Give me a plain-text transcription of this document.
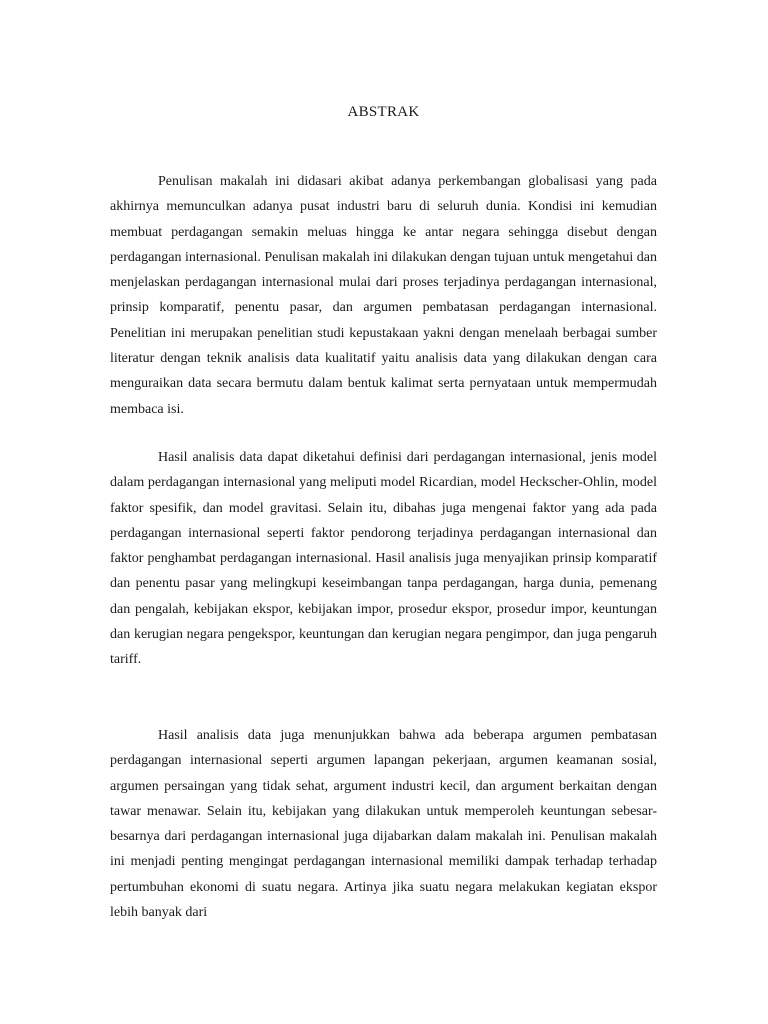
ABSTRAK

Penulisan makalah ini didasari akibat adanya perkembangan globalisasi yang pada akhirnya memunculkan adanya pusat industri baru di seluruh dunia. Kondisi ini kemudian membuat perdagangan semakin meluas hingga ke antar negara sehingga disebut dengan perdagangan internasional. Penulisan makalah ini dilakukan dengan tujuan untuk mengetahui dan menjelaskan perdagangan internasional mulai dari proses terjadinya perdagangan internasional, prinsip komparatif, penentu pasar, dan argumen pembatasan perdagangan internasional. Penelitian ini merupakan penelitian studi kepustakaan yakni dengan menelaah berbagai sumber literatur dengan teknik analisis data kualitatif yaitu analisis data yang dilakukan dengan cara menguraikan data secara bermutu dalam bentuk kalimat serta pernyataan untuk mempermudah membaca isi.

Hasil analisis data dapat diketahui definisi dari perdagangan internasional, jenis model dalam perdagangan internasional yang meliputi model Ricardian, model Heckscher-Ohlin, model faktor spesifik, dan model gravitasi. Selain itu, dibahas juga mengenai faktor yang ada pada perdagangan internasional seperti faktor pendorong terjadinya perdagangan internasional dan faktor penghambat perdagangan internasional. Hasil analisis juga menyajikan prinsip komparatif dan penentu pasar yang melingkupi keseimbangan tanpa perdagangan, harga dunia, pemenang dan pengalah, kebijakan ekspor, kebijakan impor, prosedur ekspor, prosedur impor, keuntungan dan kerugian negara pengekspor, keuntungan dan kerugian negara pengimpor, dan juga pengaruh tariff.

Hasil analisis data juga menunjukkan bahwa ada beberapa argumen pembatasan perdagangan internasional seperti argumen lapangan pekerjaan, argumen keamanan sosial, argumen persaingan yang tidak sehat, argument industri kecil, dan argument berkaitan dengan tawar menawar. Selain itu, kebijakan yang dilakukan untuk memperoleh keuntungan sebesar-besarnya dari perdagangan internasional juga dijabarkan dalam makalah ini. Penulisan makalah ini menjadi penting mengingat perdagangan internasional memiliki dampak terhadap terhadap pertumbuhan ekonomi di suatu negara. Artinya jika suatu negara melakukan kegiatan ekspor lebih banyak dari
